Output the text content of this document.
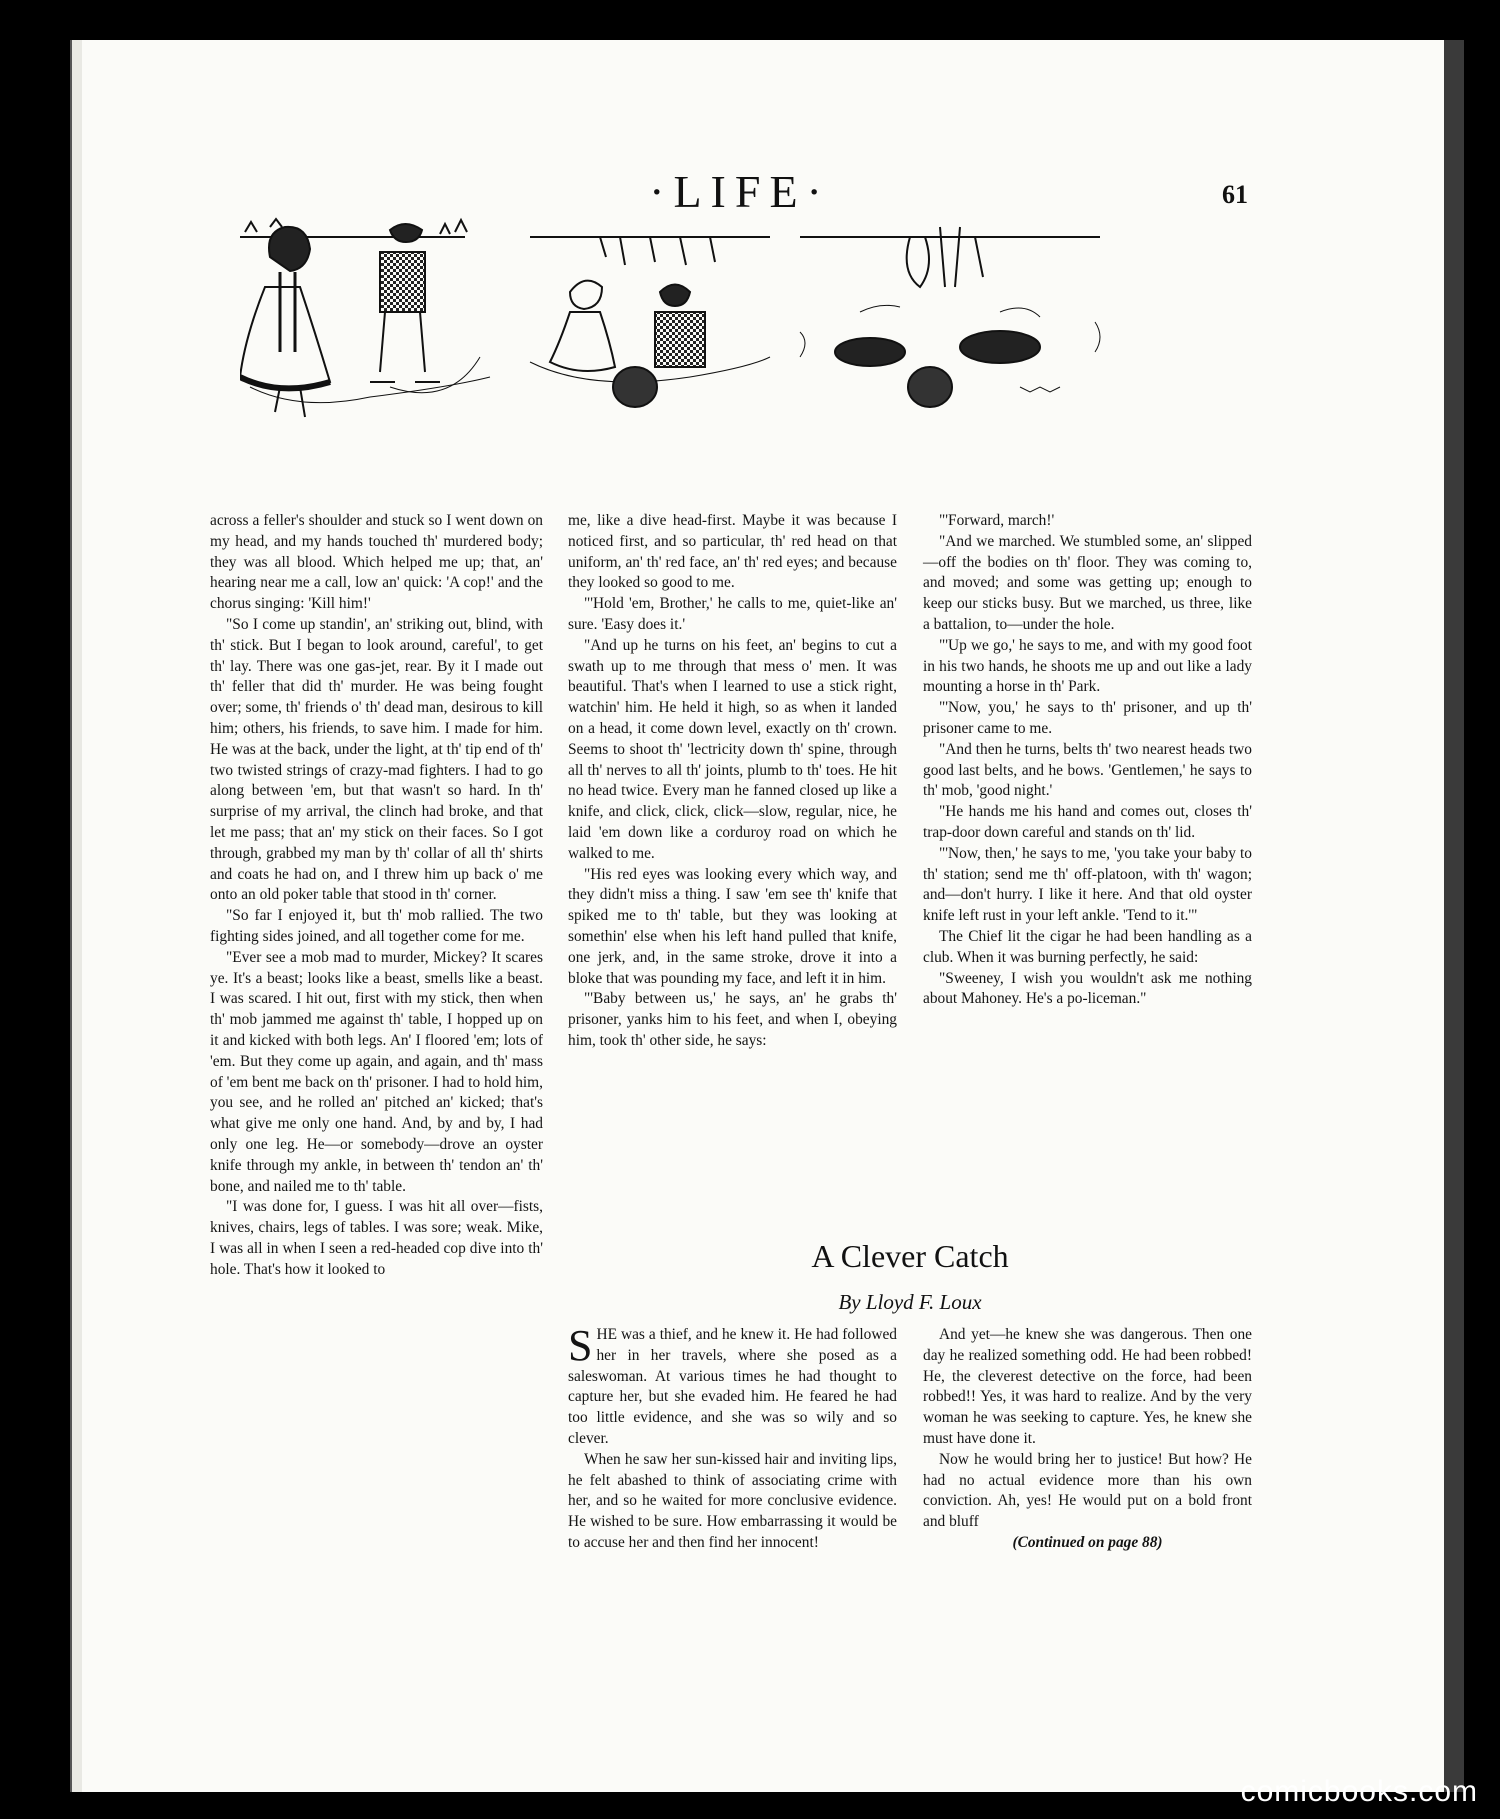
·LIFE·	61

across a feller's shoulder and stuck so I went down on my head, and my hands touched th' murdered body; they was all blood. Which helped me up; that, an' hearing near me a call, low an' quick: 'A cop!' and the chorus singing: 'Kill him!'

"So I come up standin', an' striking out, blind, with th' stick. But I began to look around, careful', to get th' lay. There was one gas-jet, rear. By it I made out th' feller that did th' murder. He was being fought over; some, th' friends o' th' dead man, desirous to kill him; others, his friends, to save him. I made for him. He was at the back, under the light, at th' tip end of th' two twisted strings of crazy-mad fighters. I had to go along between 'em, but that wasn't so hard. In th' surprise of my arrival, the clinch had broke, and that let me pass; that an' my stick on their faces. So I got through, grabbed my man by th' collar of all th' shirts and coats he had on, and I threw him up back o' me onto an old poker table that stood in th' corner.

"So far I enjoyed it, but th' mob rallied. The two fighting sides joined, and all together come for me.

"Ever see a mob mad to murder, Mickey? It scares ye. It's a beast; looks like a beast, smells like a beast. I was scared. I hit out, first with my stick, then when th' mob jammed me against th' table, I hopped up on it and kicked with both legs. An' I floored 'em; lots of 'em. But they come up again, and again, and th' mass of 'em bent me back on th' prisoner. I had to hold him, you see, and he rolled an' pitched an' kicked; that's what give me only one hand. And, by and by, I had only one leg. He—or somebody—drove an oyster knife through my ankle, in between th' tendon an' th' bone, and nailed me to th' table.

"I was done for, I guess. I was hit all over—fists, knives, chairs, legs of tables. I was sore; weak. Mike, I was all in when I seen a red-headed cop dive into th' hole. That's how it looked to

me, like a dive head-first. Maybe it was because I noticed first, and so particular, th' red head on that uniform, an' th' red face, an' th' red eyes; and because they looked so good to me.

"'Hold 'em, Brother,' he calls to me, quiet-like an' sure. 'Easy does it.'

"And up he turns on his feet, an' begins to cut a swath up to me through that mess o' men. It was beautiful. That's when I learned to use a stick right, watchin' him. He held it high, so as when it landed on a head, it come down level, exactly on th' crown. Seems to shoot th' 'lectricity down th' spine, through all th' nerves to all th' joints, plumb to th' toes. He hit no head twice. Every man he fanned closed up like a knife, and click, click, click—slow, regular, nice, he laid 'em down like a corduroy road on which he walked to me.

"His red eyes was looking every which way, and they didn't miss a thing. I saw 'em see th' knife that spiked me to th' table, but they was looking at somethin' else when his left hand pulled that knife, one jerk, and, in the same stroke, drove it into a bloke that was pounding my face, and left it in him.

"'Baby between us,' he says, an' he grabs th' prisoner, yanks him to his feet, and when I, obeying him, took th' other side, he says:

"'Forward, march!'

"And we marched. We stumbled some, an' slipped—off the bodies on th' floor. They was coming to, and moved; and some was getting up; enough to keep our sticks busy. But we marched, us three, like a battalion, to—under the hole.

"'Up we go,' he says to me, and with my good foot in his two hands, he shoots me up and out like a lady mounting a horse in th' Park.

"'Now, you,' he says to th' prisoner, and up th' prisoner came to me.

"And then he turns, belts th' two nearest heads two good last belts, and he bows. 'Gentlemen,' he says to th' mob, 'good night.'

"He hands me his hand and comes out, closes th' trap-door down careful and stands on th' lid.

"'Now, then,' he says to me, 'you take your baby to th' station; send me th' off-platoon, with th' wagon; and—don't hurry. I like it here. And that old oyster knife left rust in your left ankle. 'Tend to it.'"

The Chief lit the cigar he had been handling as a club. When it was burning perfectly, he said:

"Sweeney, I wish you wouldn't ask me nothing about Mahoney. He's a po-liceman."

A Clever Catch
By Lloyd F. Loux

SHE was a thief, and he knew it. He had followed her in her travels, where she posed as a saleswoman. At various times he had thought to capture her, but she evaded him. He feared he had too little evidence, and she was so wily and so clever.

When he saw her sun-kissed hair and inviting lips, he felt abashed to think of associating crime with her, and so he waited for more conclusive evidence. He wished to be sure. How embarrassing it would be to accuse her and then find her innocent!

And yet—he knew she was dangerous. Then one day he realized something odd. He had been robbed! He, the cleverest detective on the force, had been robbed!! Yes, it was hard to realize. And by the very woman he was seeking to capture. Yes, he knew she must have done it.

Now he would bring her to justice! But how? He had no actual evidence more than his own conviction. Ah, yes! He would put on a bold front and bluff

(Continued on page 88)

comicbooks.com
